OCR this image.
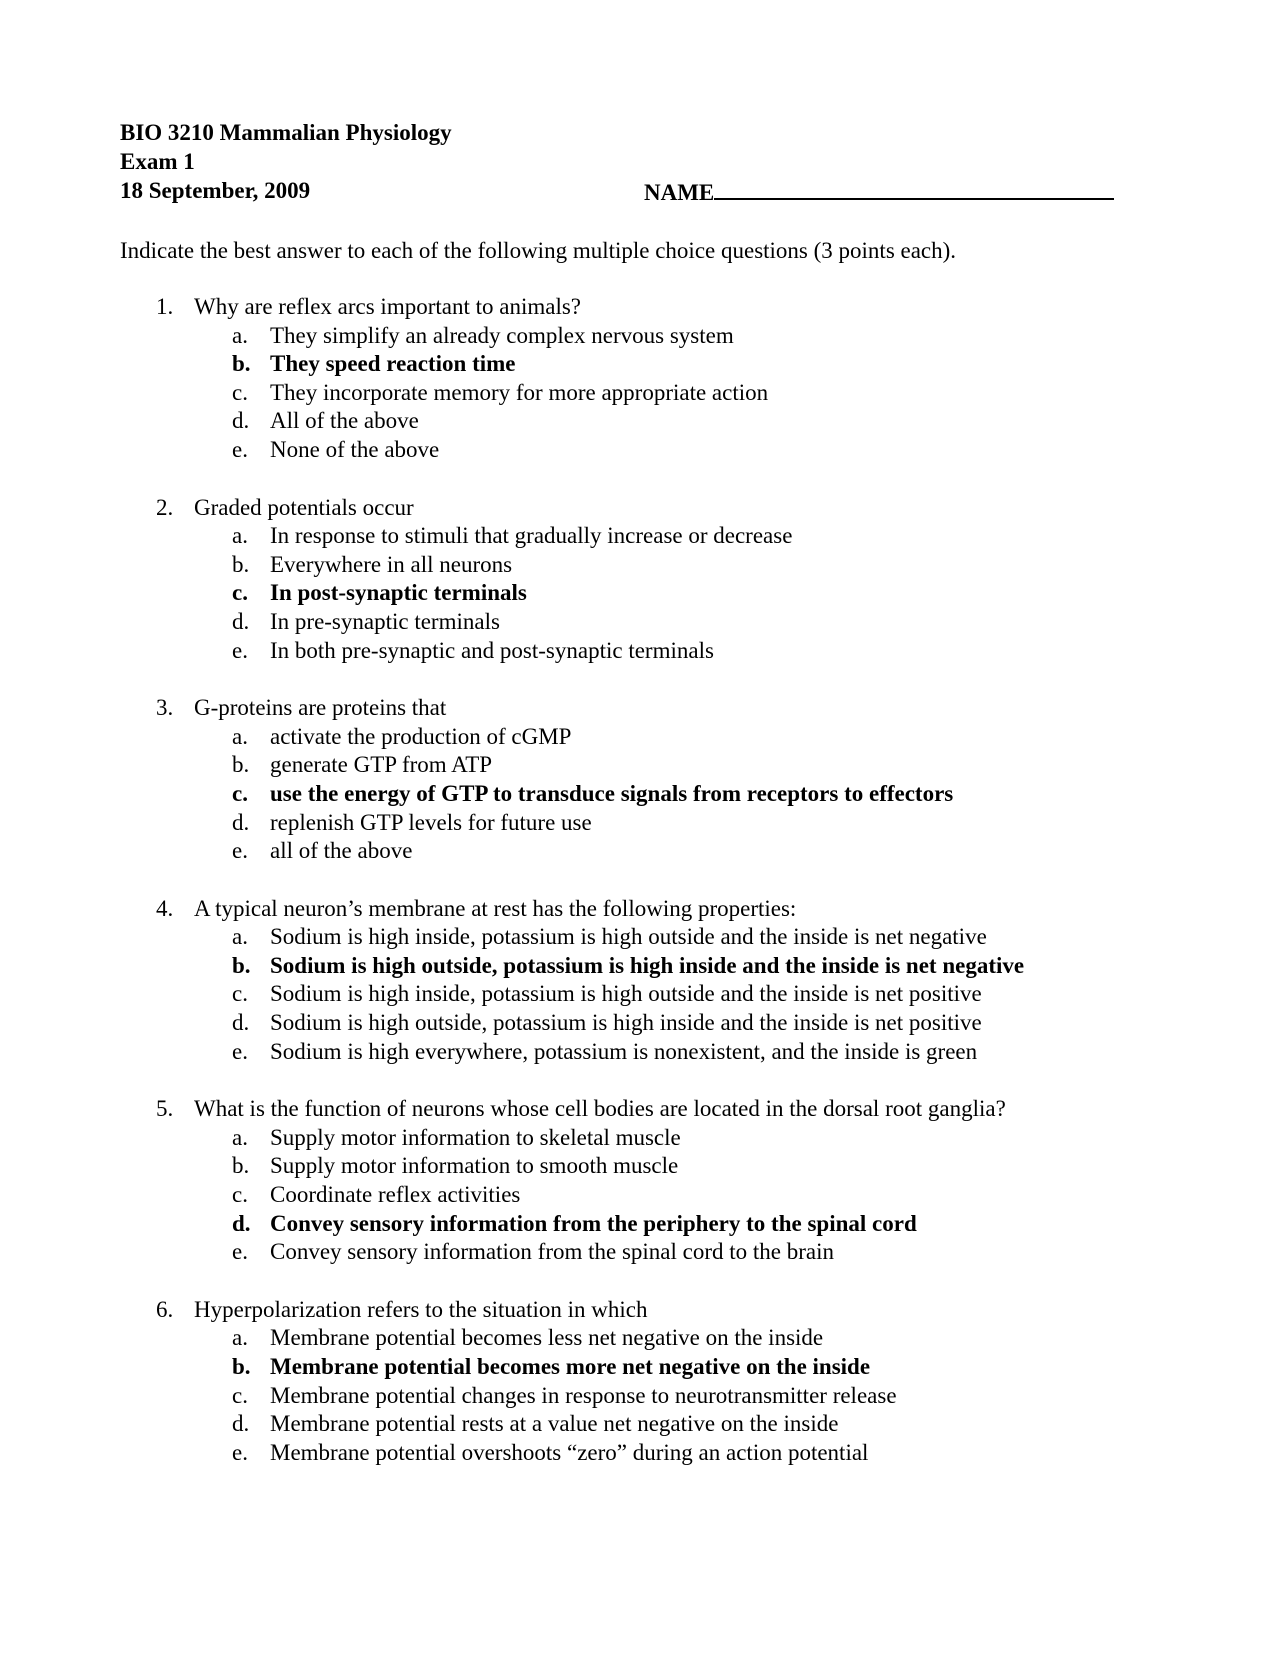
BIO 3210 Mammalian Physiology
Exam 1
18 September, 2009	NAME
Indicate the best answer to each of the following multiple choice questions (3 points each).
1. Why are reflex arcs important to animals?
a. They simplify an already complex nervous system
b. They speed reaction time
c. They incorporate memory for more appropriate action
d. All of the above
e. None of the above
2. Graded potentials occur
a. In response to stimuli that gradually increase or decrease
b. Everywhere in all neurons
c. In post-synaptic terminals
d. In pre-synaptic terminals
e. In both pre-synaptic and post-synaptic terminals
3. G-proteins are proteins that
a. activate the production of cGMP
b. generate GTP from ATP
c. use the energy of GTP to transduce signals from receptors to effectors
d. replenish GTP levels for future use
e. all of the above
4. A typical neuron’s membrane at rest has the following properties:
a. Sodium is high inside, potassium is high outside and the inside is net negative
b. Sodium is high outside, potassium is high inside and the inside is net negative
c. Sodium is high inside, potassium is high outside and the inside is net positive
d. Sodium is high outside, potassium is high inside and the inside is net positive
e. Sodium is high everywhere, potassium is nonexistent, and the inside is green
5. What is the function of neurons whose cell bodies are located in the dorsal root ganglia?
a. Supply motor information to skeletal muscle
b. Supply motor information to smooth muscle
c. Coordinate reflex activities
d. Convey sensory information from the periphery to the spinal cord
e. Convey sensory information from the spinal cord to the brain
6. Hyperpolarization refers to the situation in which
a. Membrane potential becomes less net negative on the inside
b. Membrane potential becomes more net negative on the inside
c. Membrane potential changes in response to neurotransmitter release
d. Membrane potential rests at a value net negative on the inside
e. Membrane potential overshoots “zero” during an action potential
